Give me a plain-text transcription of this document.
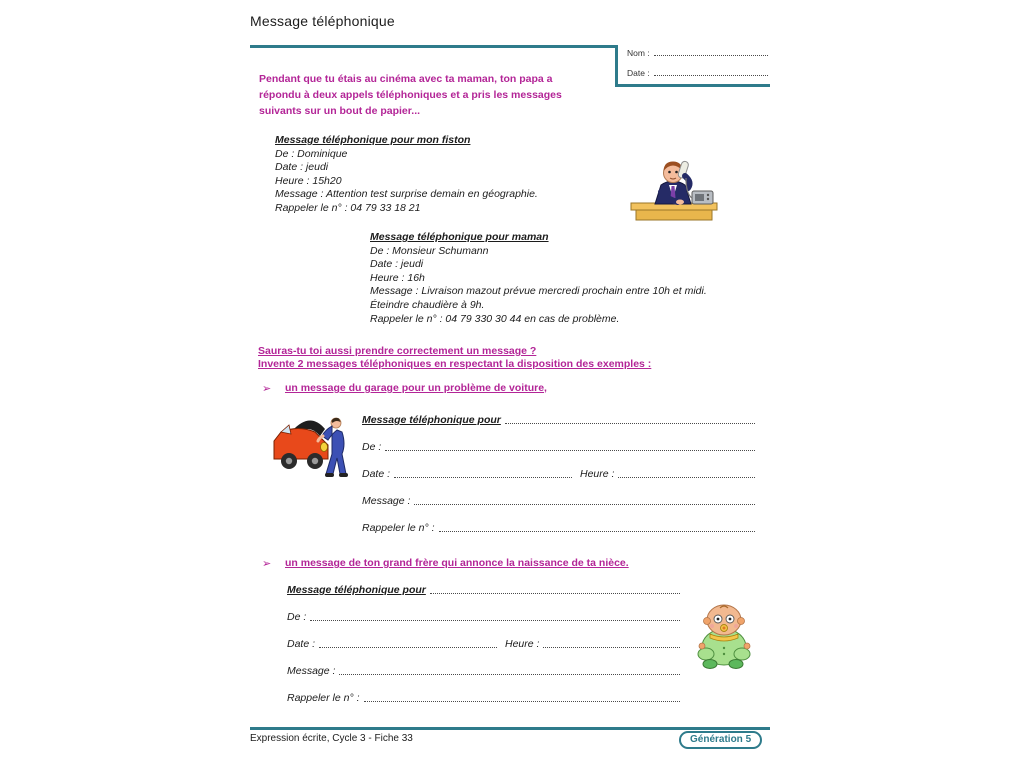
Message téléphonique
Nom :
Date :
Pendant que tu étais au cinéma avec ta maman, ton papa a
répondu à deux appels téléphoniques et a pris les messages
suivants sur un bout de papier...
Message téléphonique pour mon fiston
De : Dominique
Date : jeudi
Heure : 15h20
Message : Attention test surprise demain en géographie.
Rappeler le n° : 04 79 33 18 21
Message téléphonique pour maman
De : Monsieur Schumann
Date : jeudi
Heure : 16h
Message : Livraison mazout prévue mercredi prochain entre 10h et midi.
Éteindre chaudière à 9h.
Rappeler le n° : 04 79 330 30 44 en cas de problème.
Sauras-tu toi aussi prendre correctement un message ?
Invente 2 messages téléphoniques en respectant la disposition des exemples :
➢	un message du garage pour un problème de voiture,
Message téléphonique pour
De :
Date :	Heure :
Message :
Rappeler le n° :
➢	un message de ton grand frère qui annonce la naissance de ta nièce.
Message téléphonique pour
De :
Date :	Heure :
Message :
Rappeler le n° :
Expression écrite, Cycle 3 - Fiche 33	Génération 5
